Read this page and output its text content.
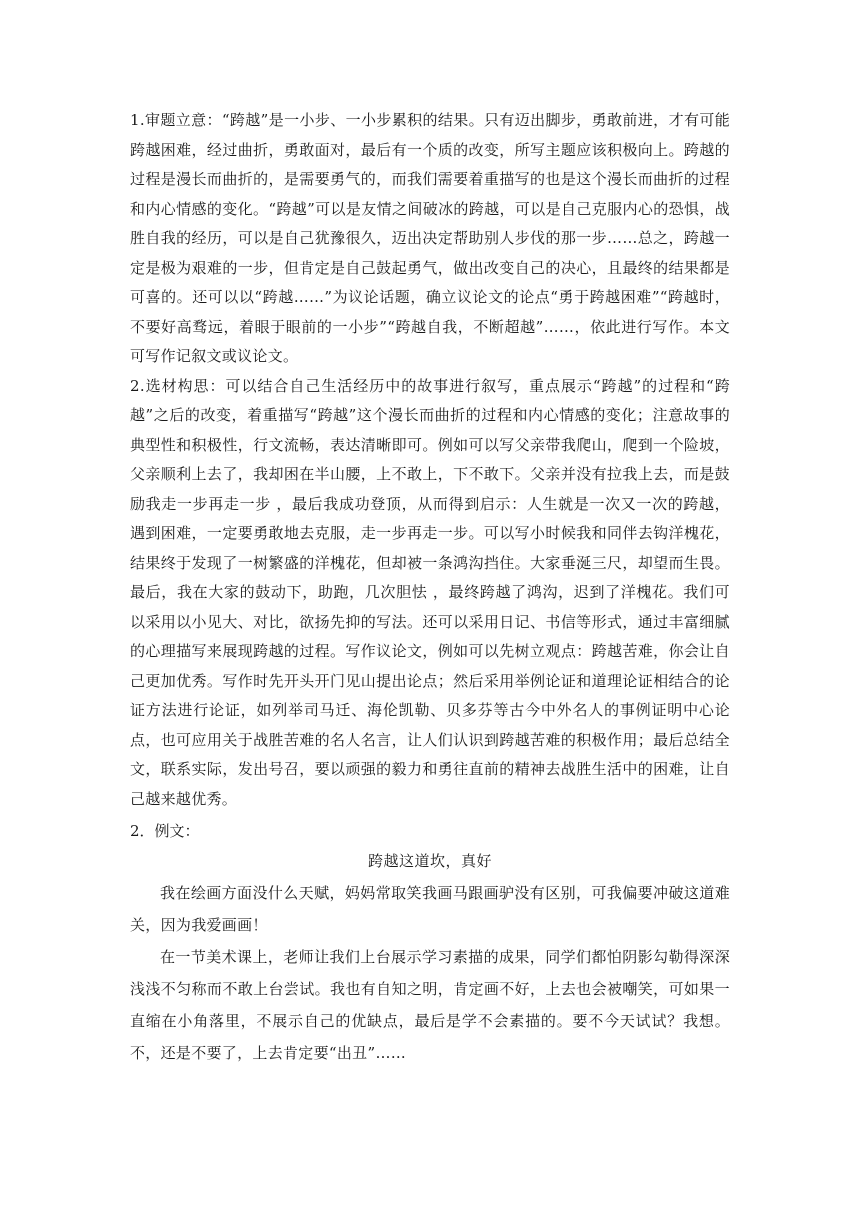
1.审题立意：“跨越”是一小步、一小步累积的结果。只有迈出脚步，勇敢前进，才有可能跨越困难，经过曲折，勇敢面对，最后有一个质的改变，所写主题应该积极向上。跨越的过程是漫长而曲折的，是需要勇气的，而我们需要着重描写的也是这个漫长而曲折的过程和内心情感的变化。“跨越”可以是友情之间破冰的跨越，可以是自己克服内心的恐惧，战胜自我的经历，可以是自己犹豫很久，迈出决定帮助别人步伐的那一步……总之，跨越一定是极为艰难的一步，但肯定是自己鼓起勇气，做出改变自己的决心，且最终的结果都是可喜的。还可以以“跨越……”为议论话题，确立议论文的论点“勇于跨越困难”“跨越时，不要好高骛远，着眼于眼前的一小步”“跨越自我，不断超越”……，依此进行写作。本文可写作记叙文或议论文。

2.选材构思：可以结合自己生活经历中的故事进行叙写，重点展示“跨越”的过程和“跨越”之后的改变，着重描写“跨越”这个漫长而曲折的过程和内心情感的变化；注意故事的典型性和积极性，行文流畅，表达清晰即可。例如可以写父亲带我爬山，爬到一个险坡，父亲顺利上去了，我却困在半山腰，上不敢上，下不敢下。父亲并没有拉我上去，而是鼓励我走一步再走一步 ，最后我成功登顶，从而得到启示：人生就是一次又一次的跨越，遇到困难，一定要勇敢地去克服，走一步再走一步。可以写小时候我和同伴去钩洋槐花，结果终于发现了一树繁盛的洋槐花，但却被一条鸿沟挡住。大家垂涎三尺，却望而生畏。最后，我在大家的鼓动下，助跑，几次胆怯 ，最终跨越了鸿沟，迟到了洋槐花。我们可以采用以小见大、对比，欲扬先抑的写法。还可以采用日记、书信等形式，通过丰富细腻的心理描写来展现跨越的过程。写作议论文，例如可以先树立观点：跨越苦难，你会让自己更加优秀。写作时先开头开门见山提出论点；然后采用举例论证和道理论证相结合的论证方法进行论证，如列举司马迁、海伦凯勒、贝多芬等古今中外名人的事例证明中心论点，也可应用关于战胜苦难的名人名言，让人们认识到跨越苦难的积极作用；最后总结全文，联系实际，发出号召，要以顽强的毅力和勇往直前的精神去战胜生活中的困难，让自己越来越优秀。

2．例文：

跨越这道坎，真好

我在绘画方面没什么天赋，妈妈常取笑我画马跟画驴没有区别，可我偏要冲破这道难关，因为我爱画画！

在一节美术课上，老师让我们上台展示学习素描的成果，同学们都怕阴影勾勒得深深浅浅不匀称而不敢上台尝试。我也有自知之明，肯定画不好，上去也会被嘲笑，可如果一直缩在小角落里，不展示自己的优缺点，最后是学不会素描的。要不今天试试？我想。不，还是不要了，上去肯定要“出丑”……
